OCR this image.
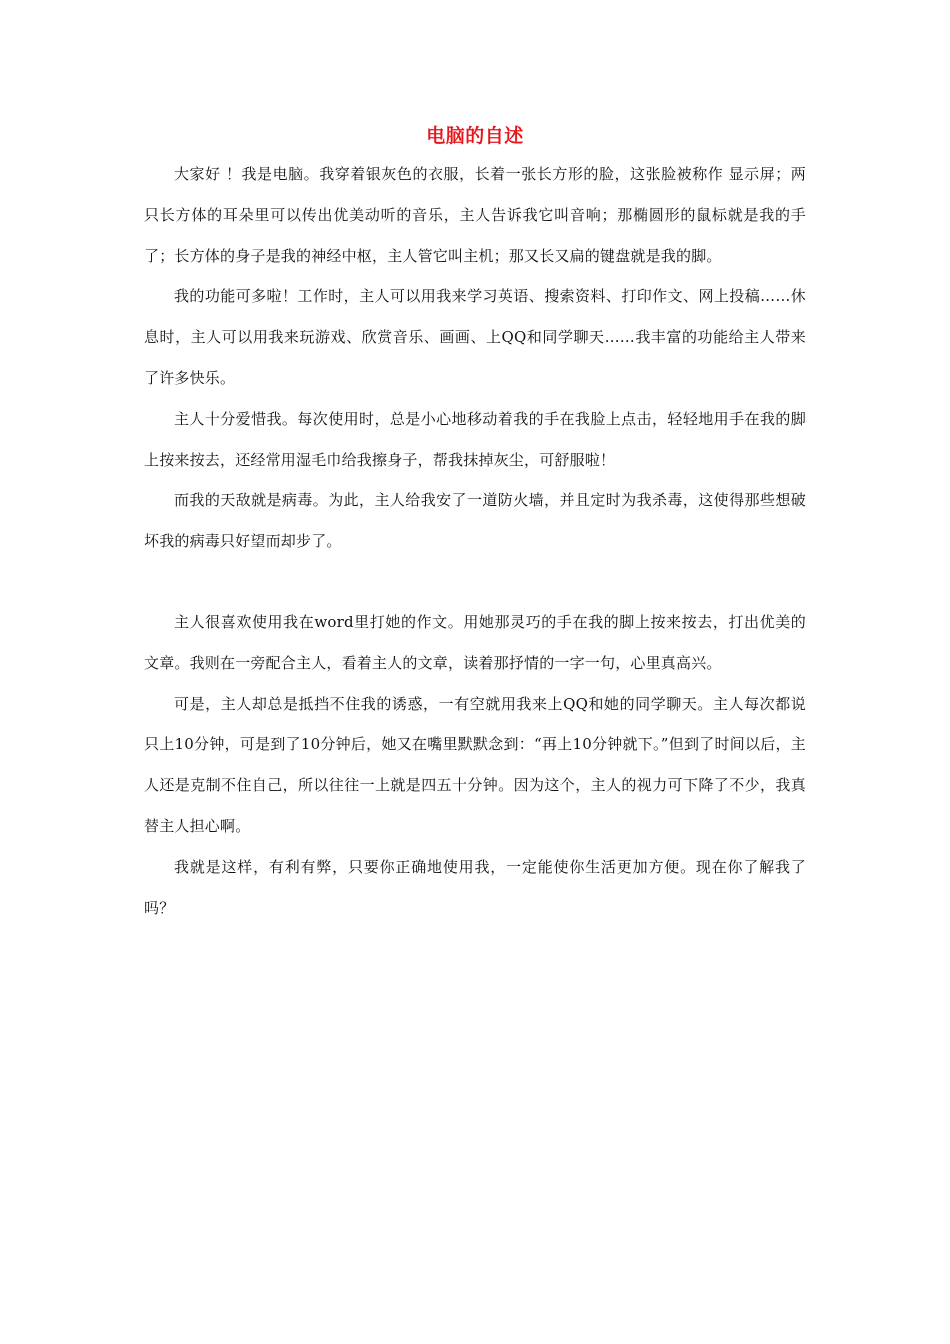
电脑的自述

大家好 ！我是电脑。我穿着银灰色的衣服，长着一张长方形的脸，这张脸被称作 显示屏；两只长方体的耳朵里可以传出优美动听的音乐，主人告诉我它叫音响；那椭圆形的鼠标就是我的手了；长方体的身子是我的神经中枢，主人管它叫主机；那又长又扁的键盘就是我的脚。

我的功能可多啦！工作时，主人可以用我来学习英语、搜索资料、打印作文、网上投稿……休息时，主人可以用我来玩游戏、欣赏音乐、画画、上QQ和同学聊天……我丰富的功能给主人带来了许多快乐。

主人十分爱惜我。每次使用时，总是小心地移动着我的手在我脸上点击，轻轻地用手在我的脚上按来按去，还经常用湿毛巾给我擦身子，帮我抹掉灰尘，可舒服啦！

而我的天敌就是病毒。为此，主人给我安了一道防火墙，并且定时为我杀毒，这使得那些想破坏我的病毒只好望而却步了。

主人很喜欢使用我在word里打她的作文。用她那灵巧的手在我的脚上按来按去，打出优美的文章。我则在一旁配合主人，看着主人的文章，读着那抒情的一字一句，心里真高兴。

可是，主人却总是抵挡不住我的诱惑，一有空就用我来上QQ和她的同学聊天。主人每次都说只上10分钟，可是到了10分钟后，她又在嘴里默默念到：“再上10分钟就下。”但到了时间以后，主人还是克制不住自己，所以往往一上就是四五十分钟。因为这个，主人的视力可下降了不少，我真替主人担心啊。

我就是这样，有利有弊，只要你正确地使用我，一定能使你生活更加方便。现在你了解我了吗？
